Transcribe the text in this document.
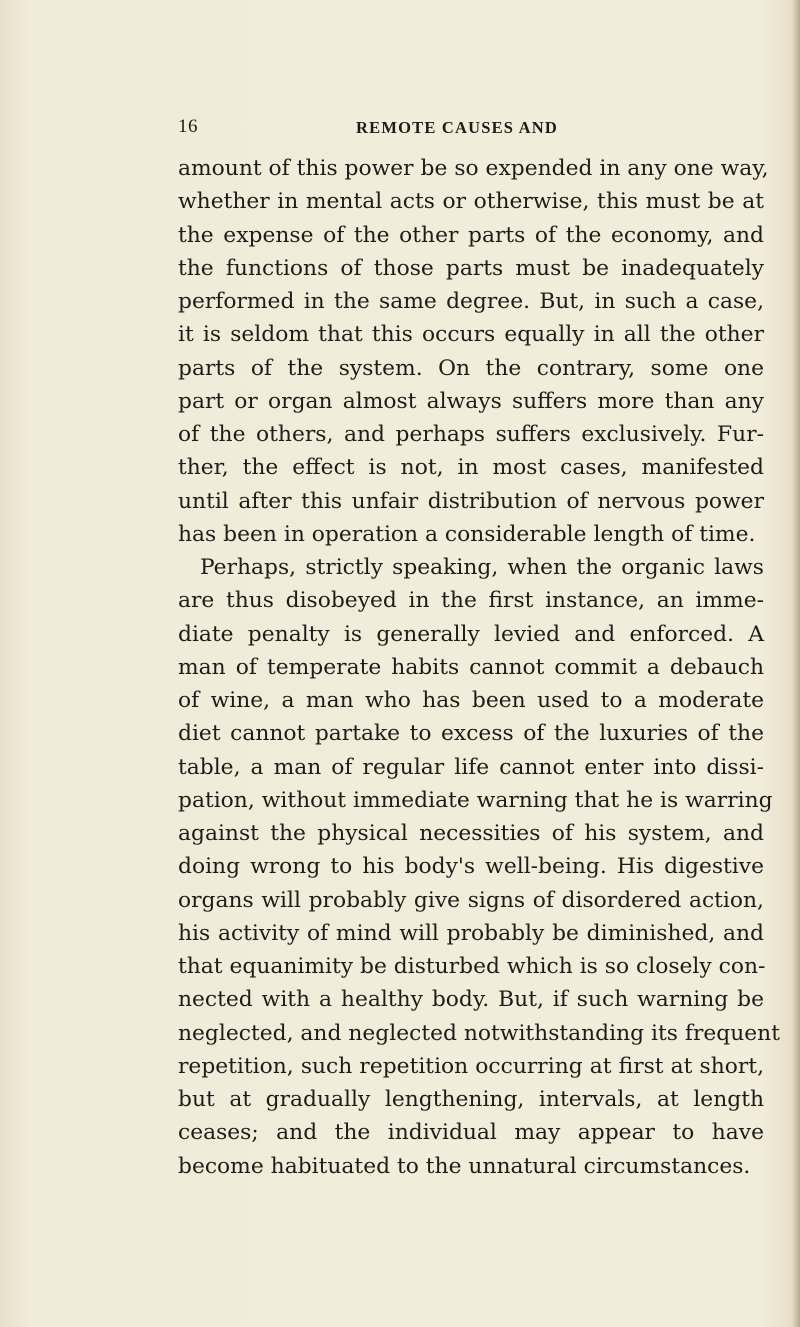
16	REMOTE CAUSES AND
amount of this power be so expended in any one way,
whether in mental acts or otherwise, this must be at
the expense of the other parts of the economy, and
the functions of those parts must be inadequately
performed in the same degree. But, in such a case,
it is seldom that this occurs equally in all the other
parts of the system. On the contrary, some one
part or organ almost always suffers more than any
of the others, and perhaps suffers exclusively. Fur-
ther, the effect is not, in most cases, manifested
until after this unfair distribution of nervous power
has been in operation a considerable length of time.
Perhaps, strictly speaking, when the organic laws
are thus disobeyed in the first instance, an imme-
diate penalty is generally levied and enforced. A
man of temperate habits cannot commit a debauch
of wine, a man who has been used to a moderate
diet cannot partake to excess of the luxuries of the
table, a man of regular life cannot enter into dissi-
pation, without immediate warning that he is warring
against the physical necessities of his system, and
doing wrong to his body's well-being. His digestive
organs will probably give signs of disordered action,
his activity of mind will probably be diminished, and
that equanimity be disturbed which is so closely con-
nected with a healthy body. But, if such warning be
neglected, and neglected notwithstanding its frequent
repetition, such repetition occurring at first at short,
but at gradually lengthening, intervals, at length
ceases; and the individual may appear to have
become habituated to the unnatural circumstances.
